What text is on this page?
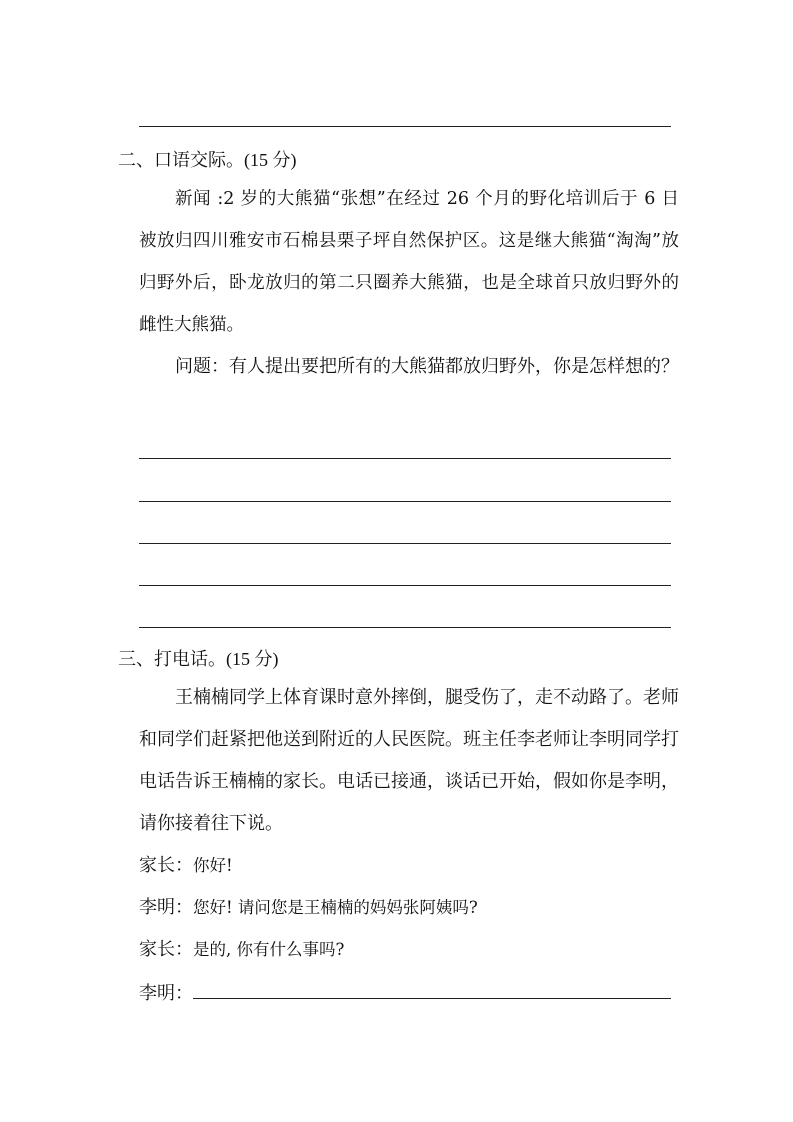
二、口语交际。(15 分)

新闻 :2 岁的大熊猫“张想”在经过 26 个月的野化培训后于 6 日被放归四川雅安市石棉县栗子坪自然保护区。这是继大熊猫“淘淘”放归野外后，卧龙放归的第二只圈养大熊猫，也是全球首只放归野外的雌性大熊猫。

问题：有人提出要把所有的大熊猫都放归野外，你是怎样想的？

三、打电话。(15 分)

王楠楠同学上体育课时意外摔倒，腿受伤了，走不动路了。老师和同学们赶紧把他送到附近的人民医院。班主任李老师让李明同学打电话告诉王楠楠的家长。电话已接通，谈话已开始，假如你是李明，请你接着往下说。

家长：你好!
李明：您好! 请问您是王楠楠的妈妈张阿姨吗?
家长：是的, 你有什么事吗?
李明：
